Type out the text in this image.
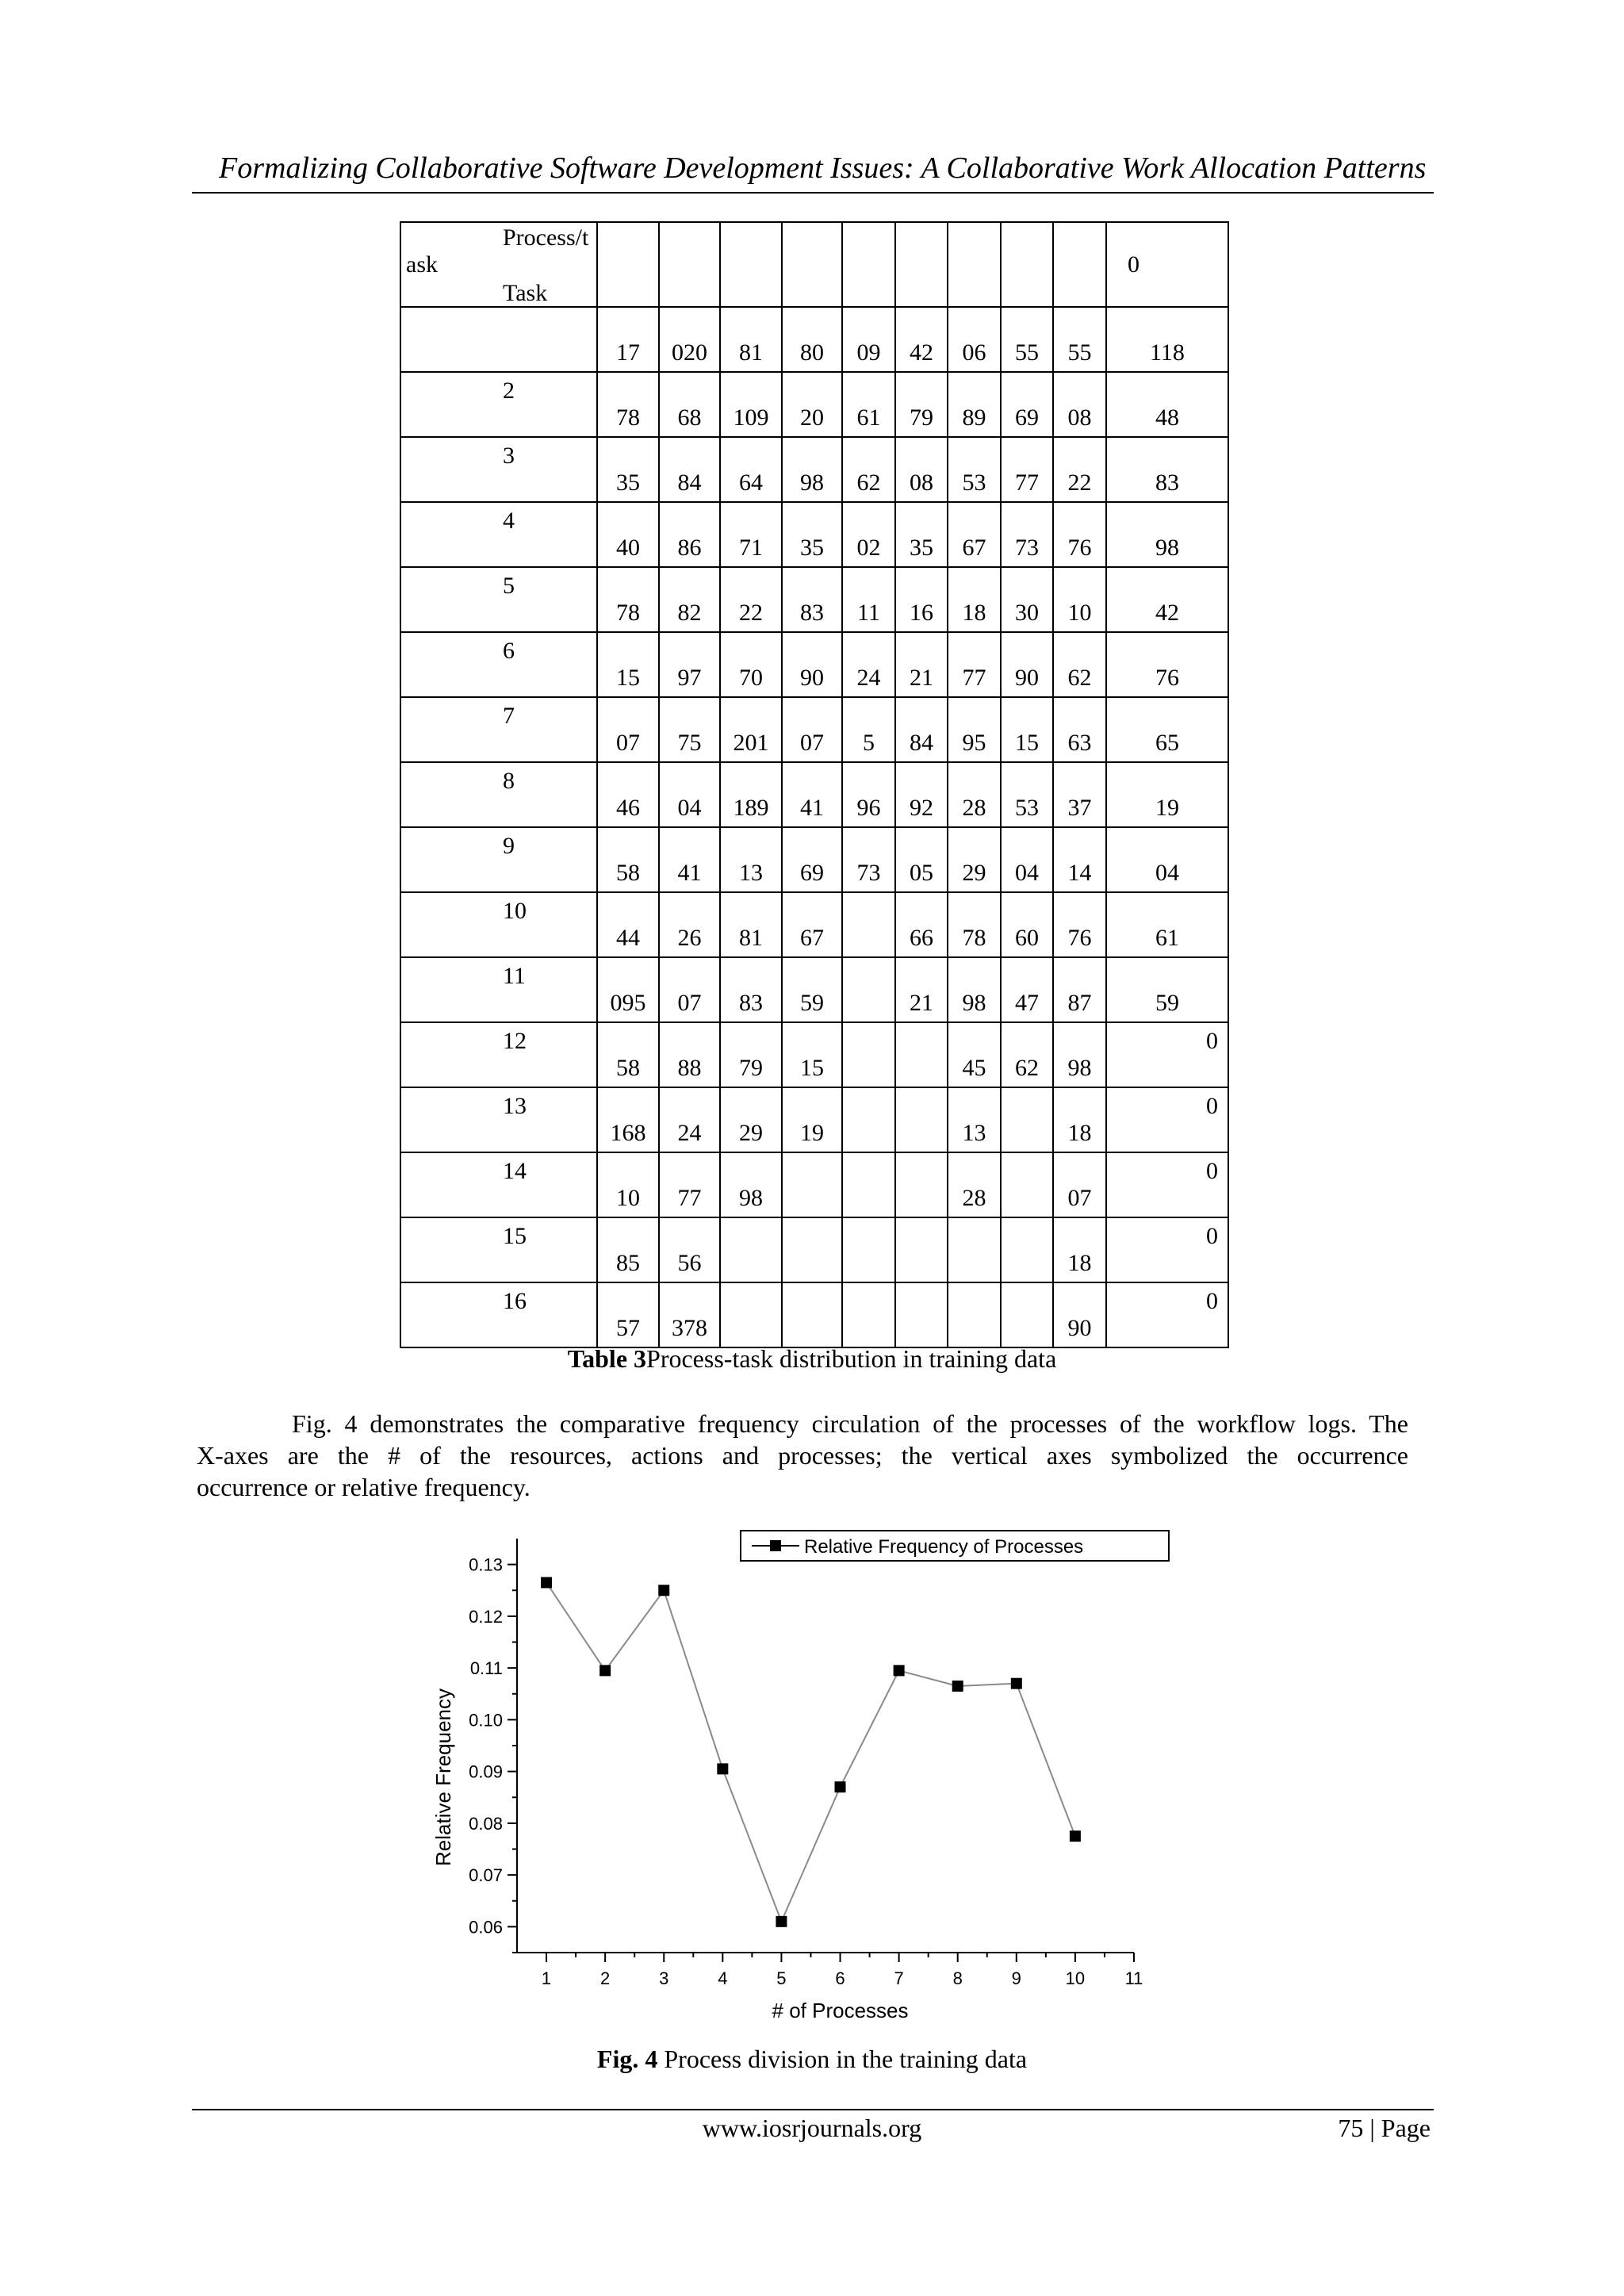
Formalizing Collaborative Software Development Issues: A Collaborative Work Allocation Patterns
Process/t
ask
Task										0

	17	020	81	80	09	42	06	55	55	118

2	78	68	109	20	61	79	89	69	08	48

3	35	84	64	98	62	08	53	77	22	83

4	40	86	71	35	02	35	67	73	76	98

5	78	82	22	83	11	16	18	30	10	42

6	15	97	70	90	24	21	77	90	62	76

7	07	75	201	07	5	84	95	15	63	65

8	46	04	189	41	96	92	28	53	37	19

9	58	41	13	69	73	05	29	04	14	04

10	44	26	81	67		66	78	60	76	61

11	095	07	83	59		21	98	47	87	59

12	58	88	79	15			45	62	98	0

13	168	24	29	19			13		18	0

14	10	77	98				28		07	0

15	85	56							18	0

16	57	378							90	0
Table 3Process-task distribution in training data
Fig. 4 demonstrates the comparative frequency circulation of the processes of the workflow logs. The
X-axes are the # of the resources, actions and processes; the vertical axes symbolized the occurrence
occurrence or relative frequency.
0.06
0.07
0.08
0.09
0.10
0.11
0.12
0.13
1	2	3	4	5	6	7	8	9	10 11
# of Processes
Relative Frequency
Relative Frequency of Processes
Fig. 4 Process division in the training data
www.iosrjournals.org	75 | Page
